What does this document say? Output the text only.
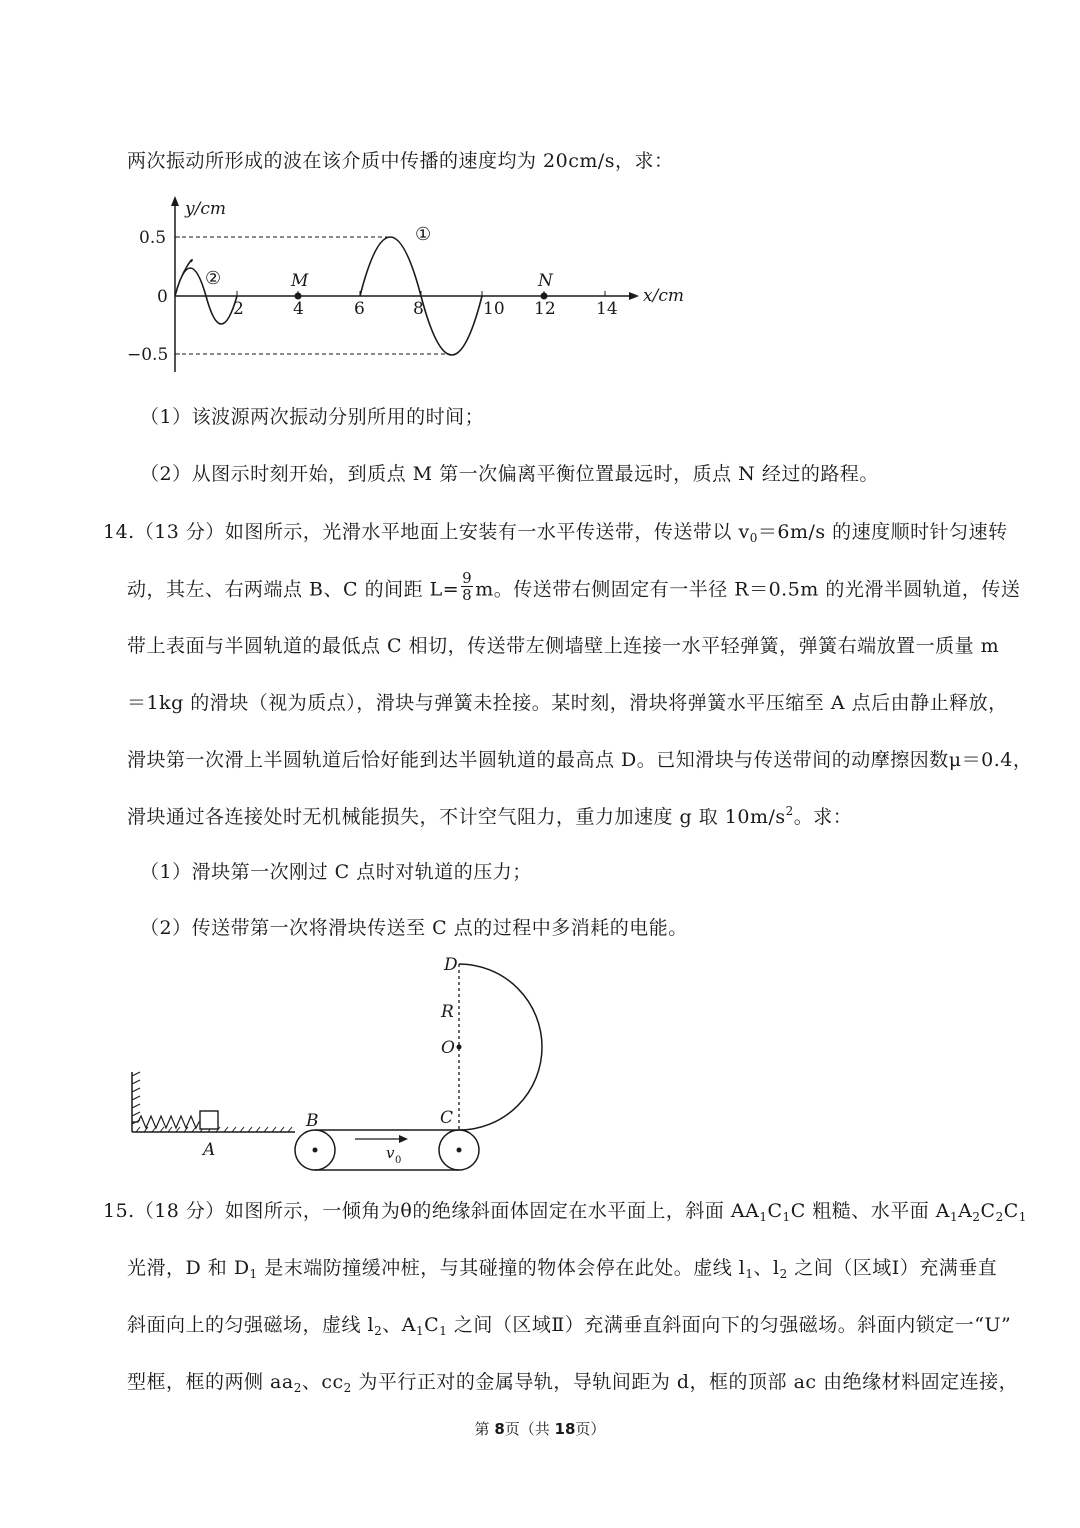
两次振动所形成的波在该介质中传播的速度均为 20cm/s，求：
y/cm
x/cm
0.5
0
−0.5
2	4	6	8	10 12 14
M	N
②
①
（1）该波源两次振动分别所用的时间；
（2）从图示时刻开始，到质点 M 第一次偏离平衡位置最远时，质点 N 经过的路程。
14.（13 分）如图所示，光滑水平地面上安装有一水平传送带，传送带以 $v_0=6m/s$ 的速度顺时针匀速转
动，其左、右两端点 B、C 的间距 $L= \frac{9}{8}$ m。传送带右侧固定有一半径 R＝0.5m 的光滑半圆轨道，传送
带上表面与半圆轨道的最低点 C 相切，传送带左侧墙壁上连接一水平轻弹簧，弹簧右端放置一质量 m
＝1kg 的滑块（视为质点），滑块与弹簧未拴接。某时刻，滑块将弹簧水平压缩至 A 点后由静止释放，
滑块第一次滑上半圆轨道后恰好能到达半圆轨道的最高点 D。已知滑块与传送带间的动摩擦因数μ＝0.4，
滑块通过各连接处时无机械能损失，不计空气阻力，重力加速度 g 取 $10m/s^2$。求：
（1）滑块第一次刚过 C 点时对轨道的压力；
（2）传送带第一次将滑块传送至 C 点的过程中多消耗的电能。
D
R
O
B	C
A	v 0
15.（18 分）如图所示，一倾角为θ的绝缘斜面体固定在水平面上，斜面 $AA_1C_1C$ 粗糙、水平面 $A_1A_2C_2C_1$
光滑，D 和 $D_1$ 是末端防撞缓冲桩，与其碰撞的物体会停在此处。虚线 $l_1$、$l_2$ 之间（区域Ⅰ）充满垂直
斜面向上的匀强磁场，虚线 $l_2$、$A_1C_1$ 之间（区域Ⅱ）充满垂直斜面向下的匀强磁场。斜面内锁定一“U”
型框，框的两侧 $aa_2$、$cc_2$ 为平行正对的金属导轨，导轨间距为 d，框的顶部 ac 由绝缘材料固定连接，
第 8页（共 18页）
